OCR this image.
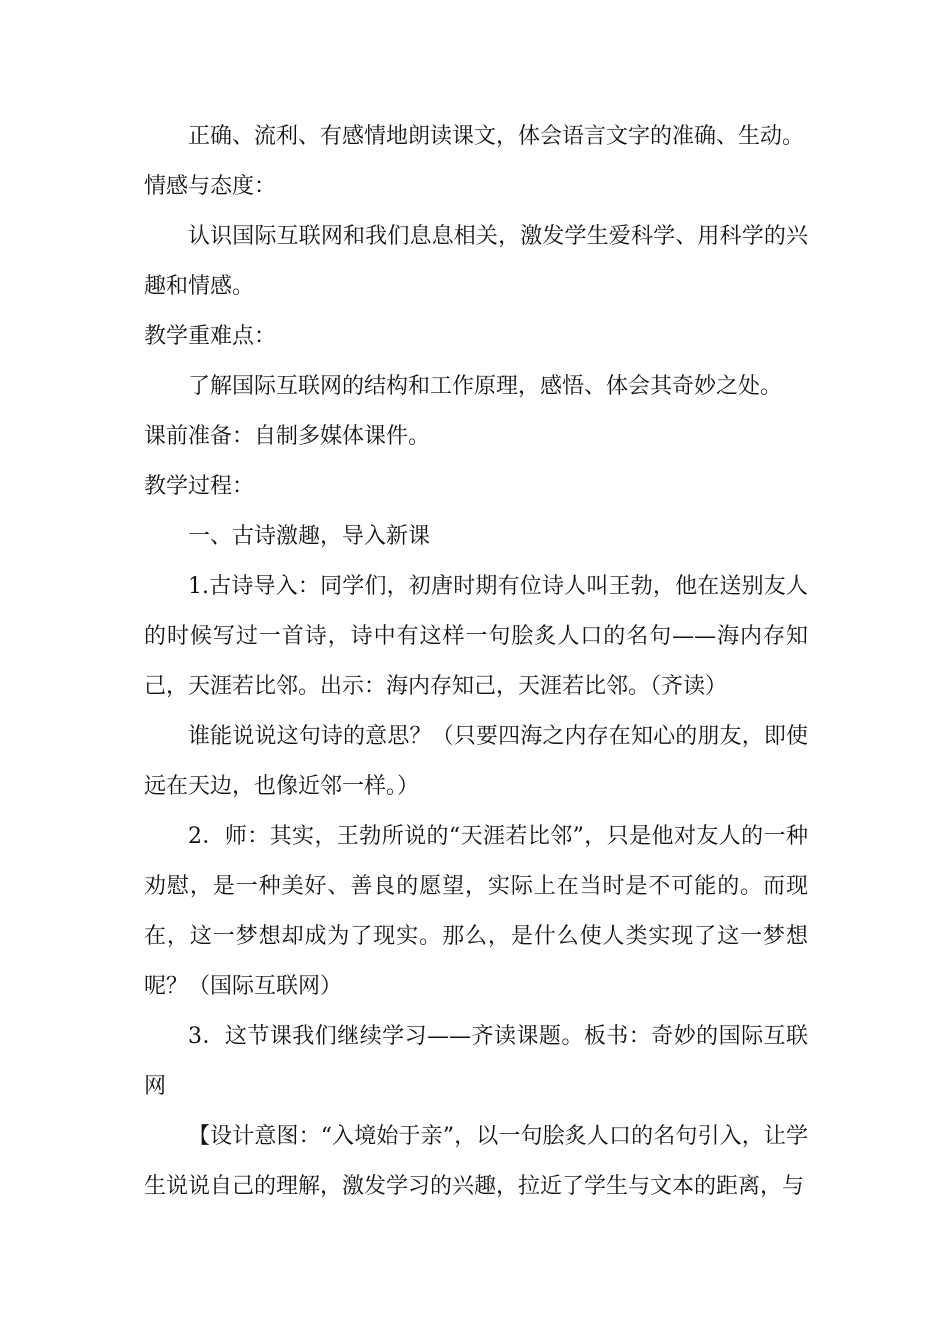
正确、流利、有感情地朗读课文，体会语言文字的准确、生动。

情感与态度：

认识国际互联网和我们息息相关，激发学生爱科学、用科学的兴趣和情感。

教学重难点：

了解国际互联网的结构和工作原理，感悟、体会其奇妙之处。

课前准备：自制多媒体课件。

教学过程：

一、古诗激趣，导入新课

1.古诗导入：同学们，初唐时期有位诗人叫王勃，他在送别友人的时候写过一首诗，诗中有这样一句脍炙人口的名句——海内存知己，天涯若比邻。出示：海内存知己，天涯若比邻。（齐读）

谁能说说这句诗的意思？（只要四海之内存在知心的朋友，即使远在天边，也像近邻一样。）

2．师：其实，王勃所说的“天涯若比邻”，只是他对友人的一种劝慰，是一种美好、善良的愿望，实际上在当时是不可能的。而现在，这一梦想却成为了现实。那么，是什么使人类实现了这一梦想呢？（国际互联网）

3．这节课我们继续学习——齐读课题。板书：奇妙的国际互联网

【设计意图：“入境始于亲”，以一句脍炙人口的名句引入，让学生说说自己的理解，激发学习的兴趣，拉近了学生与文本的距离，与
